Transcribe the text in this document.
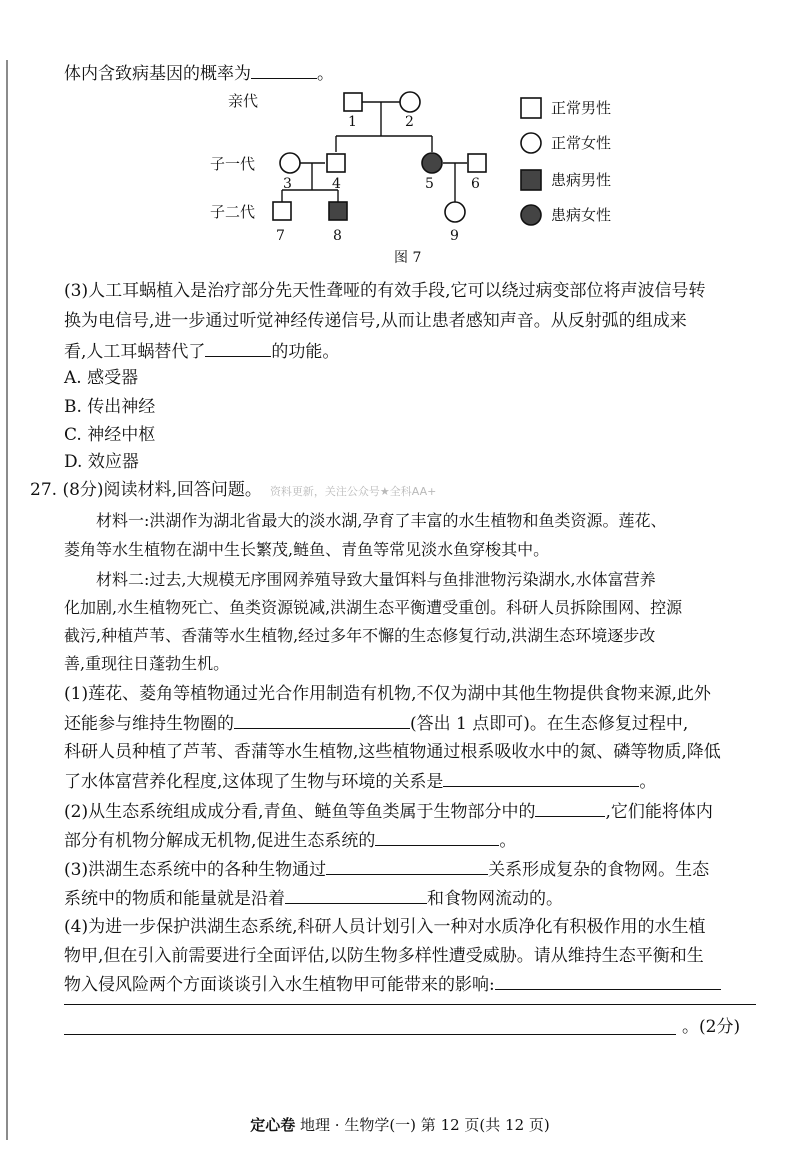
体内含致病基因的概率为	。
亲代
子一代
子二代
1	2
3	4	5	6
7	8	9
正常男性
正常女性
患病男性
患病女性
图 7
(3)人工耳蜗植入是治疗部分先天性聋哑的有效手段,它可以绕过病变部位将声波信号转
换为电信号,进一步通过听觉神经传递信号,从而让患者感知声音。从反射弧的组成来
看,人工耳蜗替代了	的功能。
A. 感受器
B. 传出神经
C. 神经中枢
D. 效应器
27. (8分)阅读材料,回答问题。 资料更新，关注公众号★全科AA+
材料一:洪湖作为湖北省最大的淡水湖,孕育了丰富的水生植物和鱼类资源。莲花、
菱角等水生植物在湖中生长繁茂,鲢鱼、青鱼等常见淡水鱼穿梭其中。
材料二:过去,大规模无序围网养殖导致大量饵料与鱼排泄物污染湖水,水体富营养
化加剧,水生植物死亡、鱼类资源锐减,洪湖生态平衡遭受重创。科研人员拆除围网、控源
截污,种植芦苇、香蒲等水生植物,经过多年不懈的生态修复行动,洪湖生态环境逐步改
善,重现往日蓬勃生机。
(1)莲花、菱角等植物通过光合作用制造有机物,不仅为湖中其他生物提供食物来源,此外
还能参与维持生物圈的	(答出 1 点即可)。在生态修复过程中,
科研人员种植了芦苇、香蒲等水生植物,这些植物通过根系吸收水中的氮、磷等物质,降低
了水体富营养化程度,这体现了生物与环境的关系是	。
(2)从生态系统组成成分看,青鱼、鲢鱼等鱼类属于生物部分中的	,它们能将体内
部分有机物分解成无机物,促进生态系统的	。
(3)洪湖生态系统中的各种生物通过	关系形成复杂的食物网。生态
系统中的物质和能量就是沿着	和食物网流动的。
(4)为进一步保护洪湖生态系统,科研人员计划引入一种对水质净化有积极作用的水生植
物甲,但在引入前需要进行全面评估,以防生物多样性遭受威胁。请从维持生态平衡和生
物入侵风险两个方面谈谈引入水生植物甲可能带来的影响:
。(2分)
定心卷 地理 · 生物学(一) 第 12 页(共 12 页)
